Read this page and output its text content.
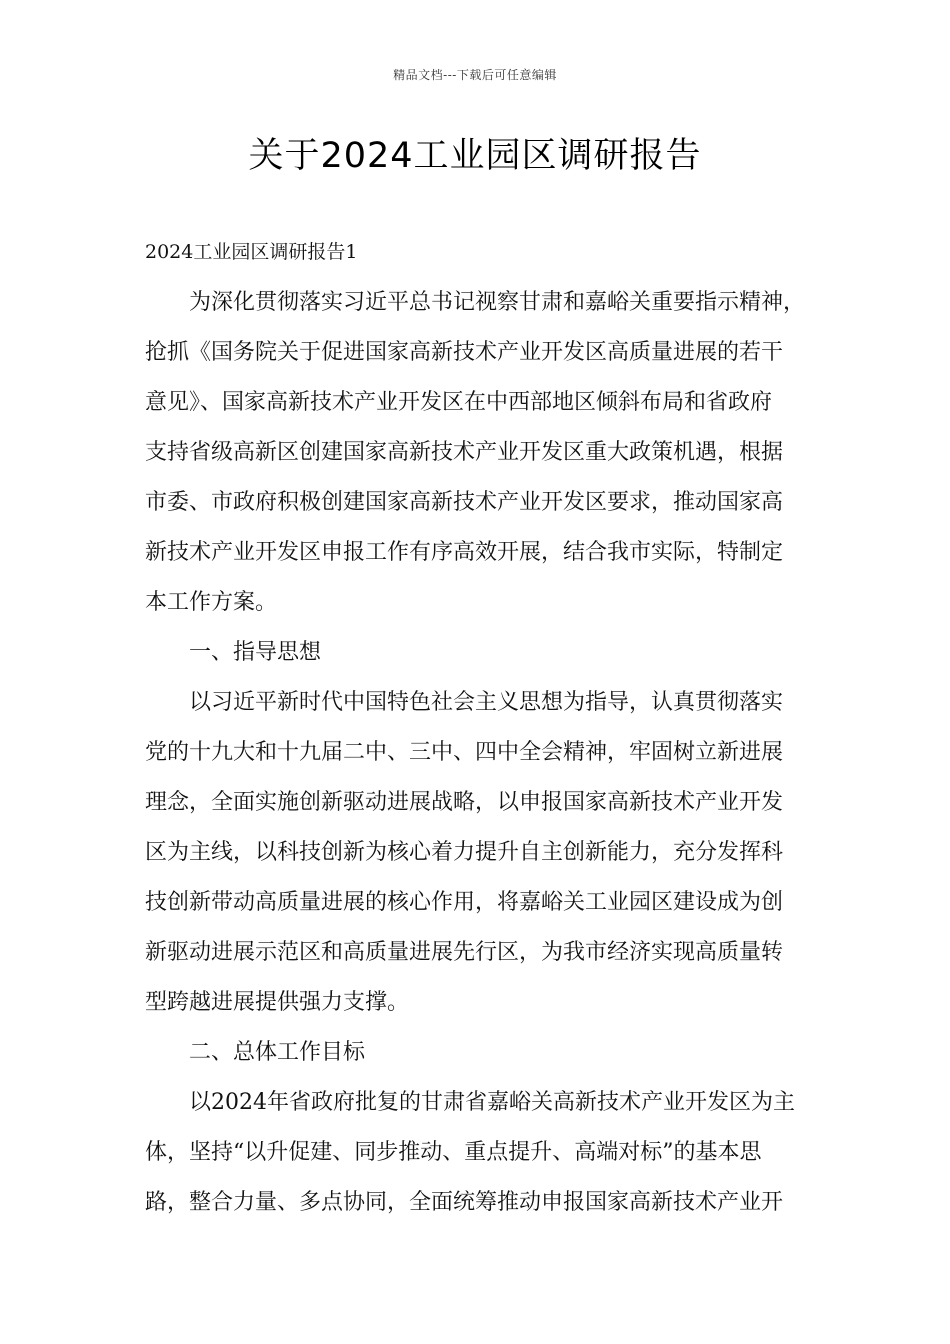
精品文档---下载后可任意编辑
关于2024工业园区调研报告
2024工业园区调研报告1
为深化贯彻落实习近平总书记视察甘肃和嘉峪关重要指示精神，
抢抓《国务院关于促进国家高新技术产业开发区高质量进展的若干
意见》、国家高新技术产业开发区在中西部地区倾斜布局和省政府
支持省级高新区创建国家高新技术产业开发区重大政策机遇，根据
市委、市政府积极创建国家高新技术产业开发区要求，推动国家高
新技术产业开发区申报工作有序高效开展，结合我市实际，特制定
本工作方案。
一、指导思想
以习近平新时代中国特色社会主义思想为指导，认真贯彻落实
党的十九大和十九届二中、三中、四中全会精神，牢固树立新进展
理念，全面实施创新驱动进展战略，以申报国家高新技术产业开发
区为主线，以科技创新为核心着力提升自主创新能力，充分发挥科
技创新带动高质量进展的核心作用，将嘉峪关工业园区建设成为创
新驱动进展示范区和高质量进展先行区，为我市经济实现高质量转
型跨越进展提供强力支撑。
二、总体工作目标
以2024年省政府批复的甘肃省嘉峪关高新技术产业开发区为主
体，坚持“以升促建、同步推动、重点提升、高端对标”的基本思
路，整合力量、多点协同，全面统筹推动申报国家高新技术产业开
